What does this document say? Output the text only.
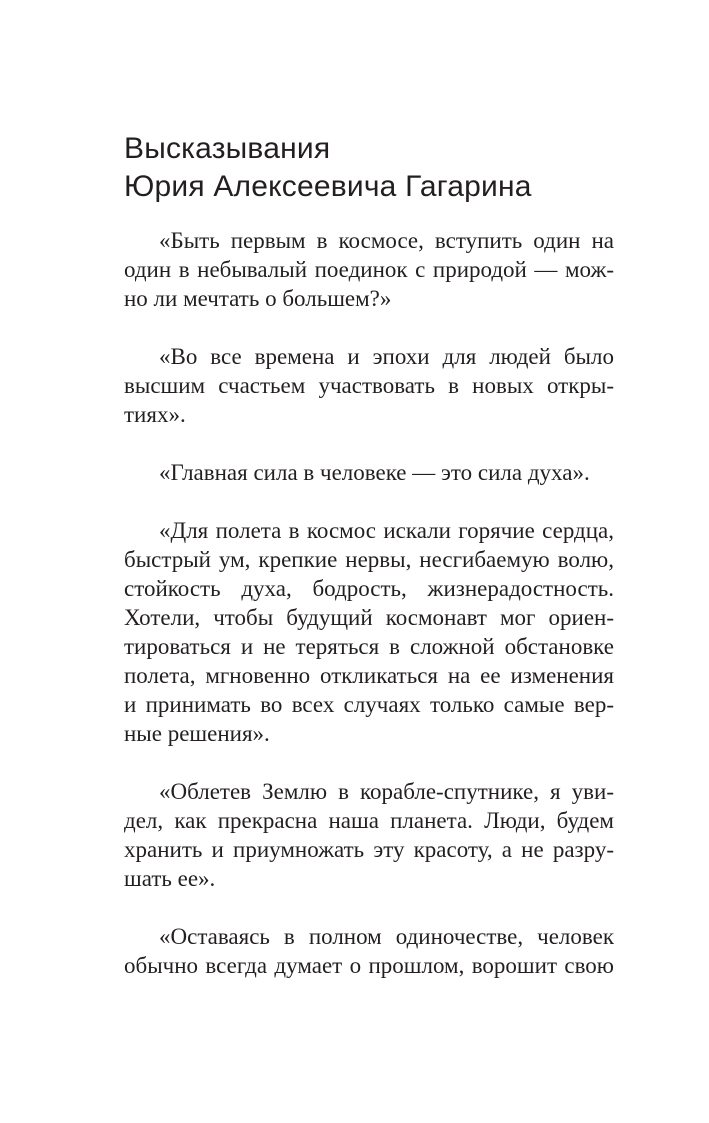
Высказывания
Юрия Алексеевича Гагарина

«Быть первым в космосе, вступить один на
один в небывалый поединок с природой — мож-
но ли мечтать о большем?»

«Во все времена и эпохи для людей было
высшим счастьем участвовать в новых откры-
тиях».

«Главная сила в человеке — это сила духа».

«Для полета в космос искали горячие сердца,
быстрый ум, крепкие нервы, несгибаемую волю,
стойкость духа, бодрость, жизнерадостность.
Хотели, чтобы будущий космонавт мог ориен-
тироваться и не теряться в сложной обстановке
полета, мгновенно откликаться на ее изменения
и принимать во всех случаях только самые вер-
ные решения».

«Облетев Землю в корабле-спутнике, я уви-
дел, как прекрасна наша планета. Люди, будем
хранить и приумножать эту красоту, а не разру-
шать ее».

«Оставаясь в полном одиночестве, человек
обычно всегда думает о прошлом, ворошит свою
